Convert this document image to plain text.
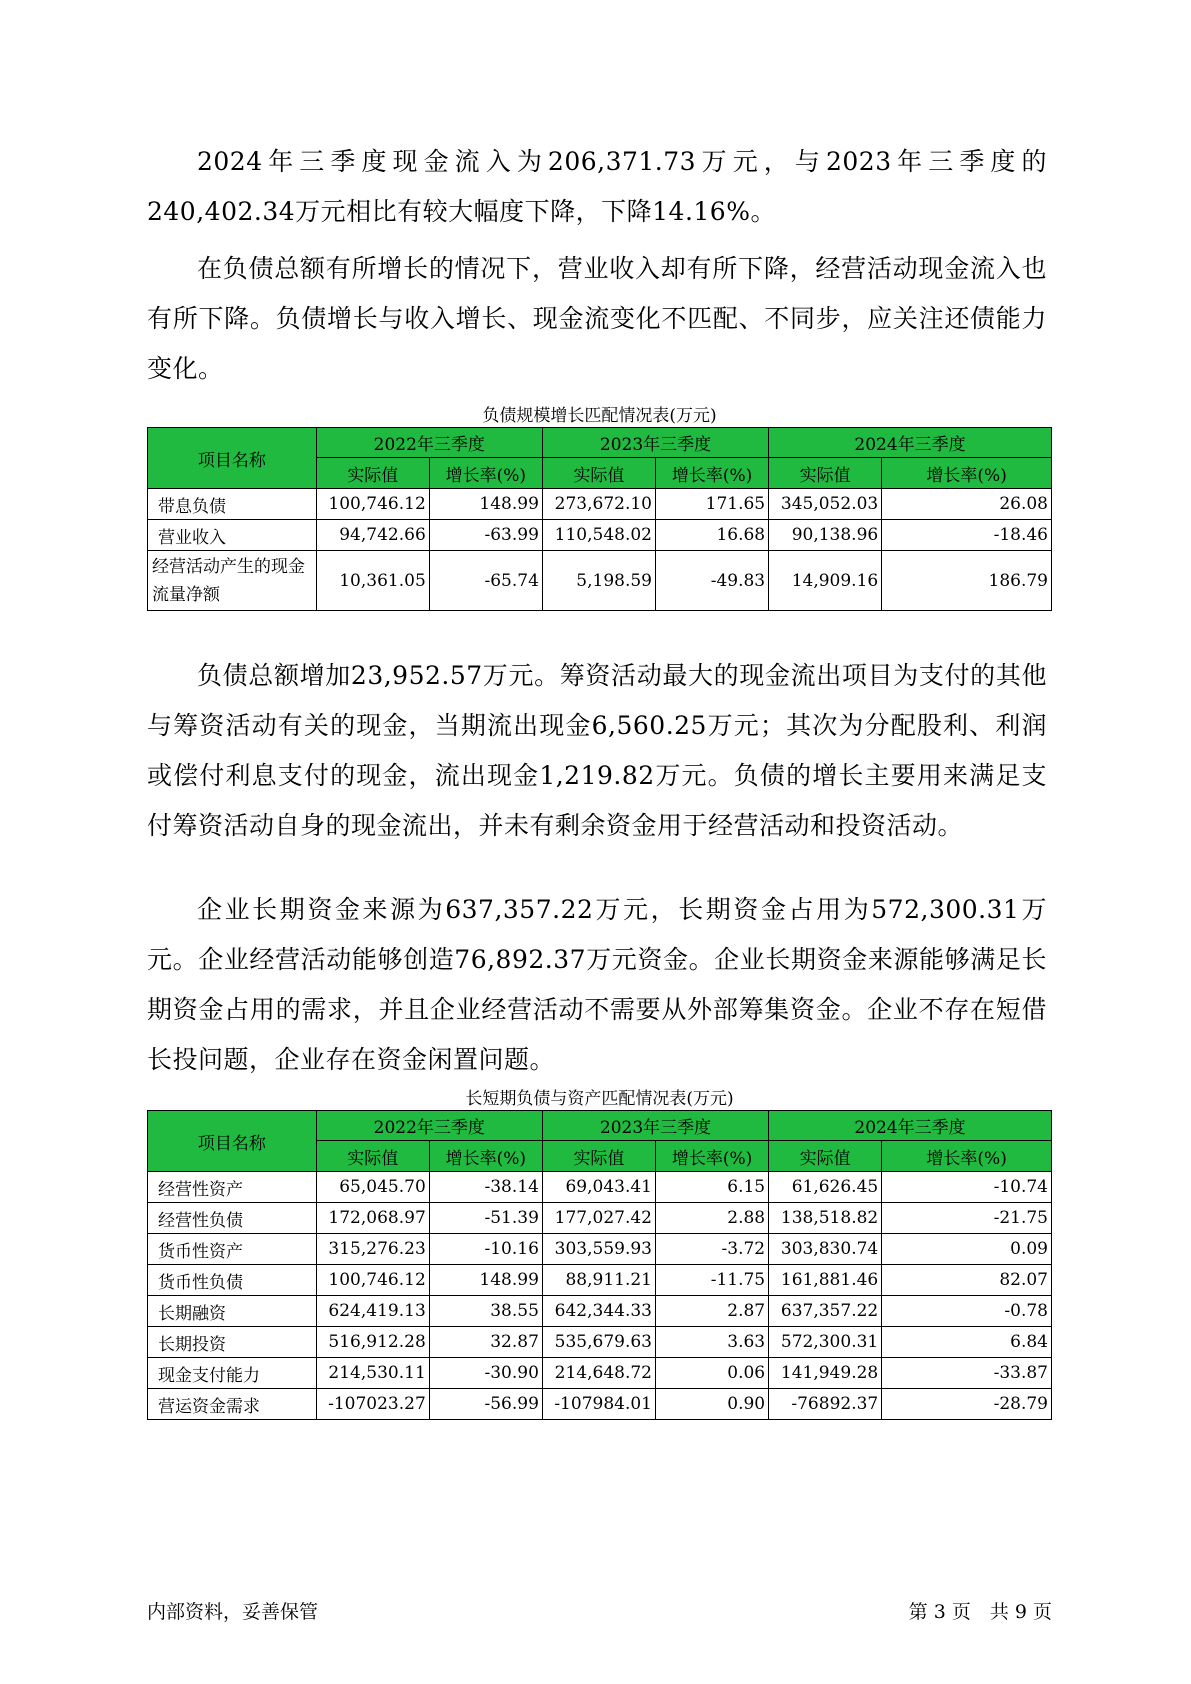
2024年三季度现金流入为206,371.73万元，与2023年三季度的240,402.34万元相比有较大幅度下降，下降14.16%。

在负债总额有所增长的情况下，营业收入却有所下降，经营活动现金流入也有所下降。负债增长与收入增长、现金流变化不匹配、不同步，应关注还债能力变化。

负债规模增长匹配情况表(万元)

项目名称	2022年三季度		2023年三季度		2024年三季度	
	实际值	增长率(%)	实际值	增长率(%)	实际值	增长率(%)
带息负债	100,746.12	148.99	273,672.10	171.65	345,052.03	26.08
营业收入	94,742.66	-63.99	110,548.02	16.68	90,138.96	-18.46
经营活动产生的现金流量净额	10,361.05	-65.74	5,198.59	-49.83	14,909.16	186.79

负债总额增加23,952.57万元。筹资活动最大的现金流出项目为支付的其他与筹资活动有关的现金，当期流出现金6,560.25万元；其次为分配股利、利润或偿付利息支付的现金，流出现金1,219.82万元。负债的增长主要用来满足支付筹资活动自身的现金流出，并未有剩余资金用于经营活动和投资活动。

企业长期资金来源为637,357.22万元，长期资金占用为572,300.31万元。企业经营活动能够创造76,892.37万元资金。企业长期资金来源能够满足长期资金占用的需求，并且企业经营活动不需要从外部筹集资金。企业不存在短借长投问题，企业存在资金闲置问题。

长短期负债与资产匹配情况表(万元)

项目名称	2022年三季度		2023年三季度		2024年三季度	
	实际值	增长率(%)	实际值	增长率(%)	实际值	增长率(%)
经营性资产	65,045.70	-38.14	69,043.41	6.15	61,626.45	-10.74
经营性负债	172,068.97	-51.39	177,027.42	2.88	138,518.82	-21.75
货币性资产	315,276.23	-10.16	303,559.93	-3.72	303,830.74	0.09
货币性负债	100,746.12	148.99	88,911.21	-11.75	161,881.46	82.07
长期融资	624,419.13	38.55	642,344.33	2.87	637,357.22	-0.78
长期投资	516,912.28	32.87	535,679.63	3.63	572,300.31	6.84
现金支付能力	214,530.11	-30.90	214,648.72	0.06	141,949.28	-33.87
营运资金需求	-107023.27	-56.99	-107984.01	0.90	-76892.37	-28.79
内部资料，妥善保管	第 3 页　共 9 页
